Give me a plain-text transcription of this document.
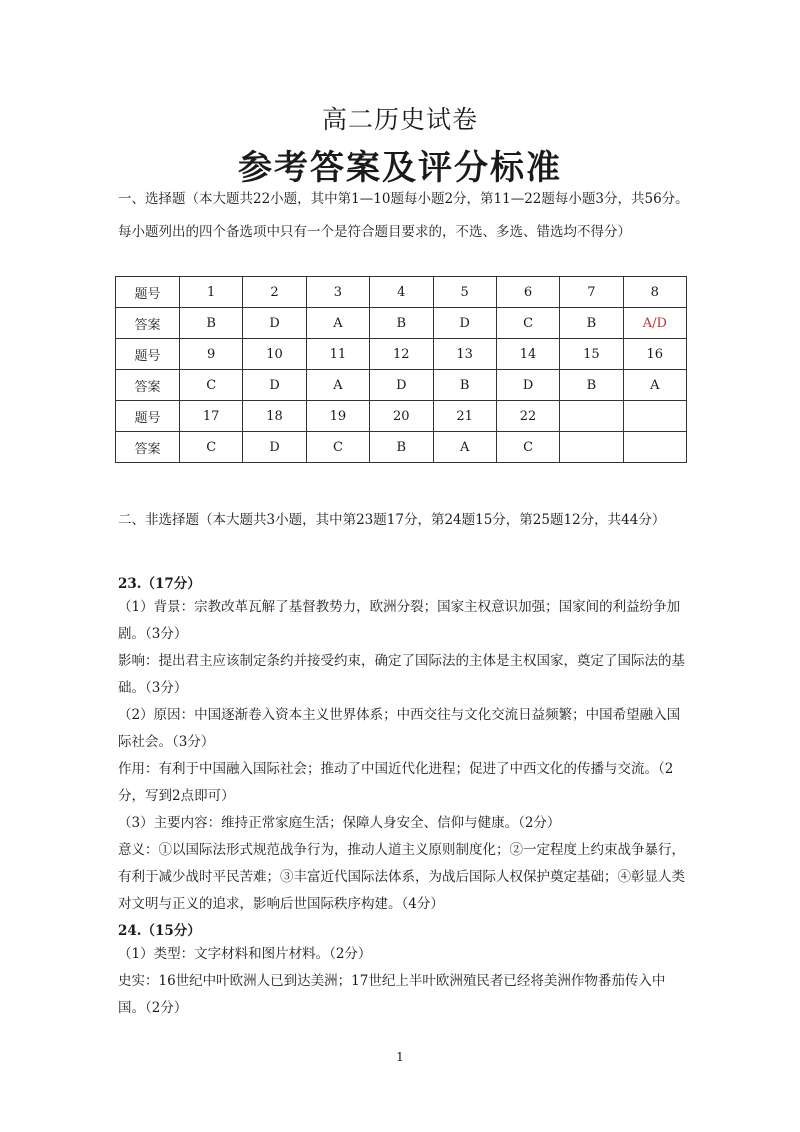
高二历史试卷
参考答案及评分标准

一、选择题（本大题共22小题，其中第1—10题每小题2分，第11—22题每小题3分，共56分。每小题列出的四个备选项中只有一个是符合题目要求的，不选、多选、错选均不得分）

题号	1	2	3	4	5	6	7	8
答案	B	D	A	B	D	C	B	A/D
题号	9	10	11	12	13	14	15	16
答案	C	D	A	D	B	D	B	A
题号	17	18	19	20	21	22		
答案	C	D	C	B	A	C		

二、非选择题（本大题共3小题，其中第23题17分，第24题15分，第25题12分，共44分）

23.（17分）

（1）背景：宗教改革瓦解了基督教势力，欧洲分裂；国家主权意识加强；国家间的利益纷争加剧。（3分）

影响：提出君主应该制定条约并接受约束，确定了国际法的主体是主权国家，奠定了国际法的基础。（3分）

（2）原因：中国逐渐卷入资本主义世界体系；中西交往与文化交流日益频繁；中国希望融入国际社会。（3分）

作用：有利于中国融入国际社会；推动了中国近代化进程；促进了中西文化的传播与交流。（2分，写到2点即可）

（3）主要内容：维持正常家庭生活；保障人身安全、信仰与健康。（2分）

意义：①以国际法形式规范战争行为，推动人道主义原则制度化；②一定程度上约束战争暴行，有利于减少战时平民苦难；③丰富近代国际法体系，为战后国际人权保护奠定基础；④彰显人类对文明与正义的追求，影响后世国际秩序构建。（4分）

24.（15分）

（1）类型：文字材料和图片材料。（2分）

史实：16世纪中叶欧洲人已到达美洲；17世纪上半叶欧洲殖民者已经将美洲作物番茄传入中国。（2分）

1
